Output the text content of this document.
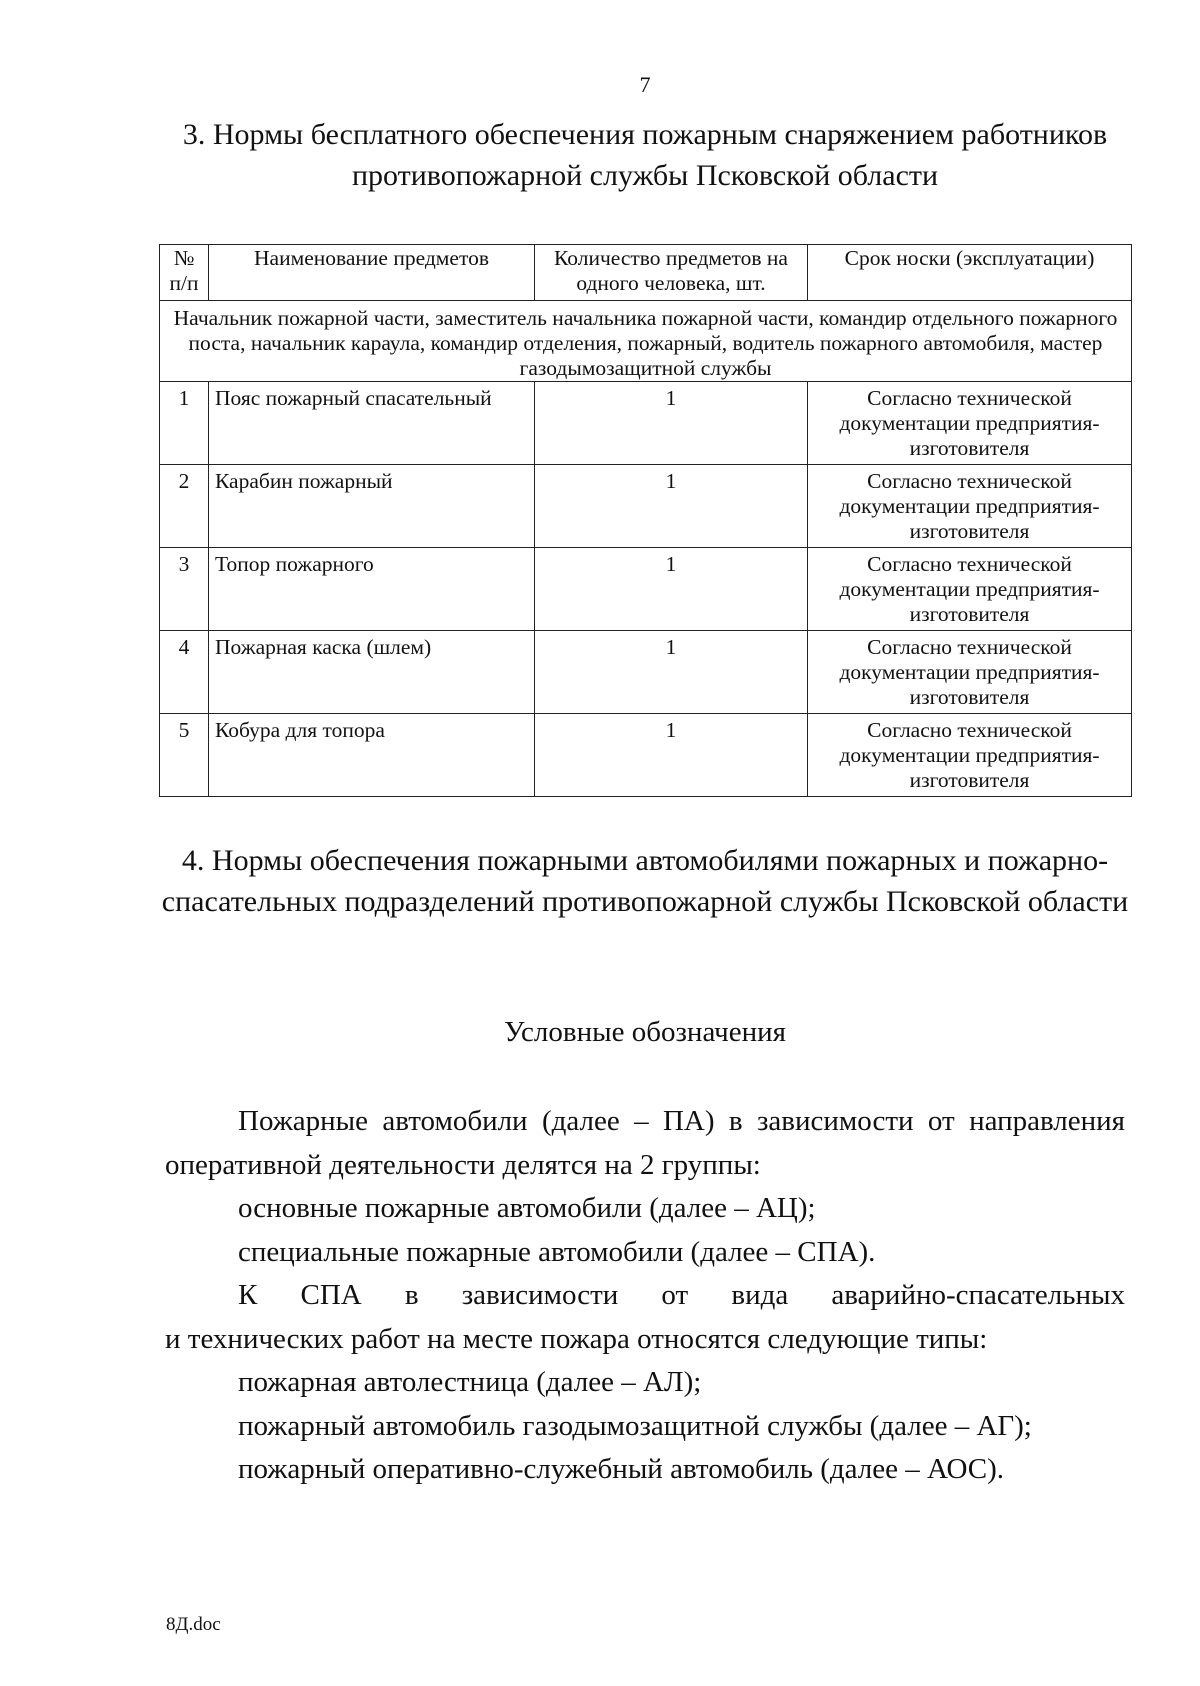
7
3. Нормы бесплатного обеспечения пожарным снаряжением работников противопожарной службы Псковской области
№ п/п	Наименование предметов	Количество предметов на одного человека, шт.	Срок носки (эксплуатации)
Начальник пожарной части, заместитель начальника пожарной части, командир отдельного пожарного поста, начальник караула, командир отделения, пожарный, водитель пожарного автомобиля, мастер газодымозащитной службы			
1	Пояс пожарный спасательный	1	Согласно технической документации предприятия-изготовителя
2	Карабин пожарный	1	Согласно технической документации предприятия-изготовителя
3	Топор пожарного	1	Согласно технической документации предприятия-изготовителя
4	Пожарная каска (шлем)	1	Согласно технической документации предприятия-изготовителя
5	Кобура для топора	1	Согласно технической документации предприятия-изготовителя
4. Нормы обеспечения пожарными автомобилями пожарных и пожарно-спасательных подразделений противопожарной службы Псковской области
Условные обозначения

Пожарные автомобили (далее – ПА) в зависимости от направления оперативной деятельности делятся на 2 группы:

основные пожарные автомобили (далее – АЦ);

специальные пожарные автомобили (далее – СПА).

К СПА в зависимости от вида аварийно-спасательных

и технических работ на месте пожара относятся следующие типы:

пожарная автолестница (далее – АЛ);

пожарный автомобиль газодымозащитной службы (далее – АГ);

пожарный оперативно-служебный автомобиль (далее – АОС).

8Д.doc
